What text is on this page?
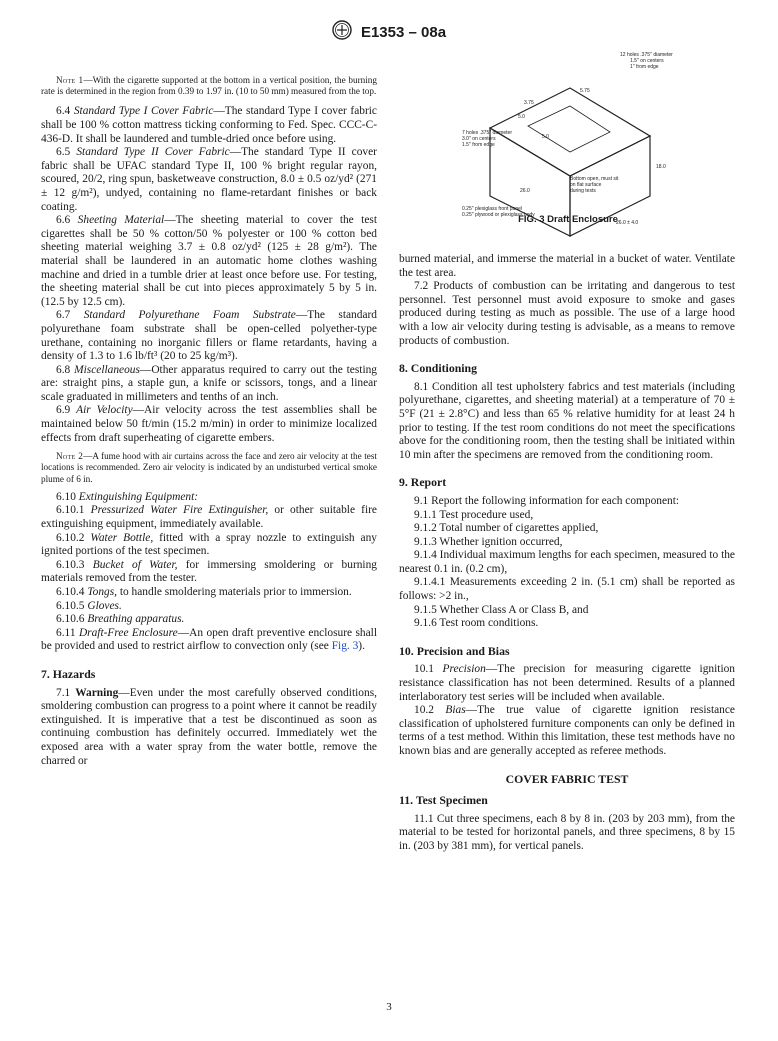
E1353 – 08a

Note 1—With the cigarette supported at the bottom in a vertical position, the burning rate is determined in the region from 0.39 to 1.97 in. (10 to 50 mm) measured from the top.

6.4 Standard Type I Cover Fabric—The standard Type I cover fabric shall be 100 % cotton mattress ticking conforming to Fed. Spec. CCC-C-436-D. It shall be laundered and tumble-dried once before using.

6.5 Standard Type II Cover Fabric—The standard Type II cover fabric shall be UFAC standard Type II, 100 % bright regular rayon, scoured, 20/2, ring spun, basketweave construction, 8.0 ± 0.5 oz/yd² (271 ± 12 g/m²), undyed, containing no flame-retardant finishes or back coating.

6.6 Sheeting Material—The sheeting material to cover the test cigarettes shall be 50 % cotton/50 % polyester or 100 % cotton bed sheeting material weighing 3.7 ± 0.8 oz/yd² (125 ± 28 g/m²). The material shall be laundered in an automatic home clothes washing machine and dried in a tumble drier at least once before use. For testing, the sheeting material shall be cut into pieces approximately 5 by 5 in. (12.5 by 12.5 cm).

6.7 Standard Polyurethane Foam Substrate—The standard polyurethane foam substrate shall be open-celled polyether-type urethane, containing no inorganic fillers or flame retardants, having a density of 1.3 to 1.6 lb/ft³ (20 to 25 kg/m³).

6.8 Miscellaneous—Other apparatus required to carry out the testing are: straight pins, a staple gun, a knife or scissors, tongs, and a linear scale graduated in millimeters and tenths of an inch.

6.9 Air Velocity—Air velocity across the test assemblies shall be maintained below 50 ft/min (15.2 m/min) in order to minimize localized effects from draft superheating of cigarette embers.

Note 2—A fume hood with air curtains across the face and zero air velocity at the test locations is recommended. Zero air velocity is indicated by an undisturbed vertical smoke plume of 6 in.

6.10 Extinguishing Equipment:

6.10.1 Pressurized Water Fire Extinguisher, or other suitable fire extinguishing equipment, immediately available.

6.10.2 Water Bottle, fitted with a spray nozzle to extinguish any ignited portions of the test specimen.

6.10.3 Bucket of Water, for immersing smoldering or burning materials removed from the tester.

6.10.4 Tongs, to handle smoldering materials prior to immersion.

6.10.5 Gloves.

6.10.6 Breathing apparatus.

6.11 Draft-Free Enclosure—An open draft preventive enclosure shall be provided and used to restrict airflow to convection only (see Fig. 3).

7. Hazards

7.1 Warning—Even under the most carefully observed conditions, smoldering combustion can progress to a point where it cannot be readily extinguished. It is imperative that a test be discontinued as soon as continuing combustion has definitely occurred. Immediately wet the exposed area with a water spray from the water bottle, remove the charred or

12 holes .375'' diameter
1.5'' on centers
1'' from edge
7 holes .375'' diameter
3.0'' on centers
1.5'' from edge
3.75
5.0
5.0
5.75
18.0
26.0
26.0 ± 4.0
Bottom open, must sit
on flat surface
during tests
0.25'' plexiglass front panel
0.25'' plywood or plexiglass body
FIG. 3 Draft Enclosure

burned material, and immerse the material in a bucket of water. Ventilate the test area.

7.2 Products of combustion can be irritating and dangerous to test personnel. Test personnel must avoid exposure to smoke and gases produced during testing as much as possible. The use of a large hood with a low air velocity during testing is advisable, as a means to remove products of combustion.

8. Conditioning

8.1 Condition all test upholstery fabrics and test materials (including polyurethane, cigarettes, and sheeting material) at a temperature of 70 ± 5°F (21 ± 2.8°C) and less than 65 % relative humidity for at least 24 h prior to testing. If the test room conditions do not meet the specifications above for the conditioning room, then the testing shall be initiated within 10 min after the specimens are removed from the conditioning room.

9. Report

9.1 Report the following information for each component:

9.1.1 Test procedure used,

9.1.2 Total number of cigarettes applied,

9.1.3 Whether ignition occurred,

9.1.4 Individual maximum lengths for each specimen, measured to the nearest 0.1 in. (0.2 cm),

9.1.4.1 Measurements exceeding 2 in. (5.1 cm) shall be reported as follows: >2 in.,

9.1.5 Whether Class A or Class B, and

9.1.6 Test room conditions.

10. Precision and Bias

10.1 Precision—The precision for measuring cigarette ignition resistance classification has not been determined. Results of a planned interlaboratory test series will be included when available.

10.2 Bias—The true value of cigarette ignition resistance classification of upholstered furniture components can only be defined in terms of a test method. Within this limitation, these test methods have no known bias and are generally accepted as referee methods.

COVER FABRIC TEST

11. Test Specimen

11.1 Cut three specimens, each 8 by 8 in. (203 by 203 mm), from the material to be tested for horizontal panels, and three specimens, 8 by 15 in. (203 by 381 mm), for vertical panels.

3
